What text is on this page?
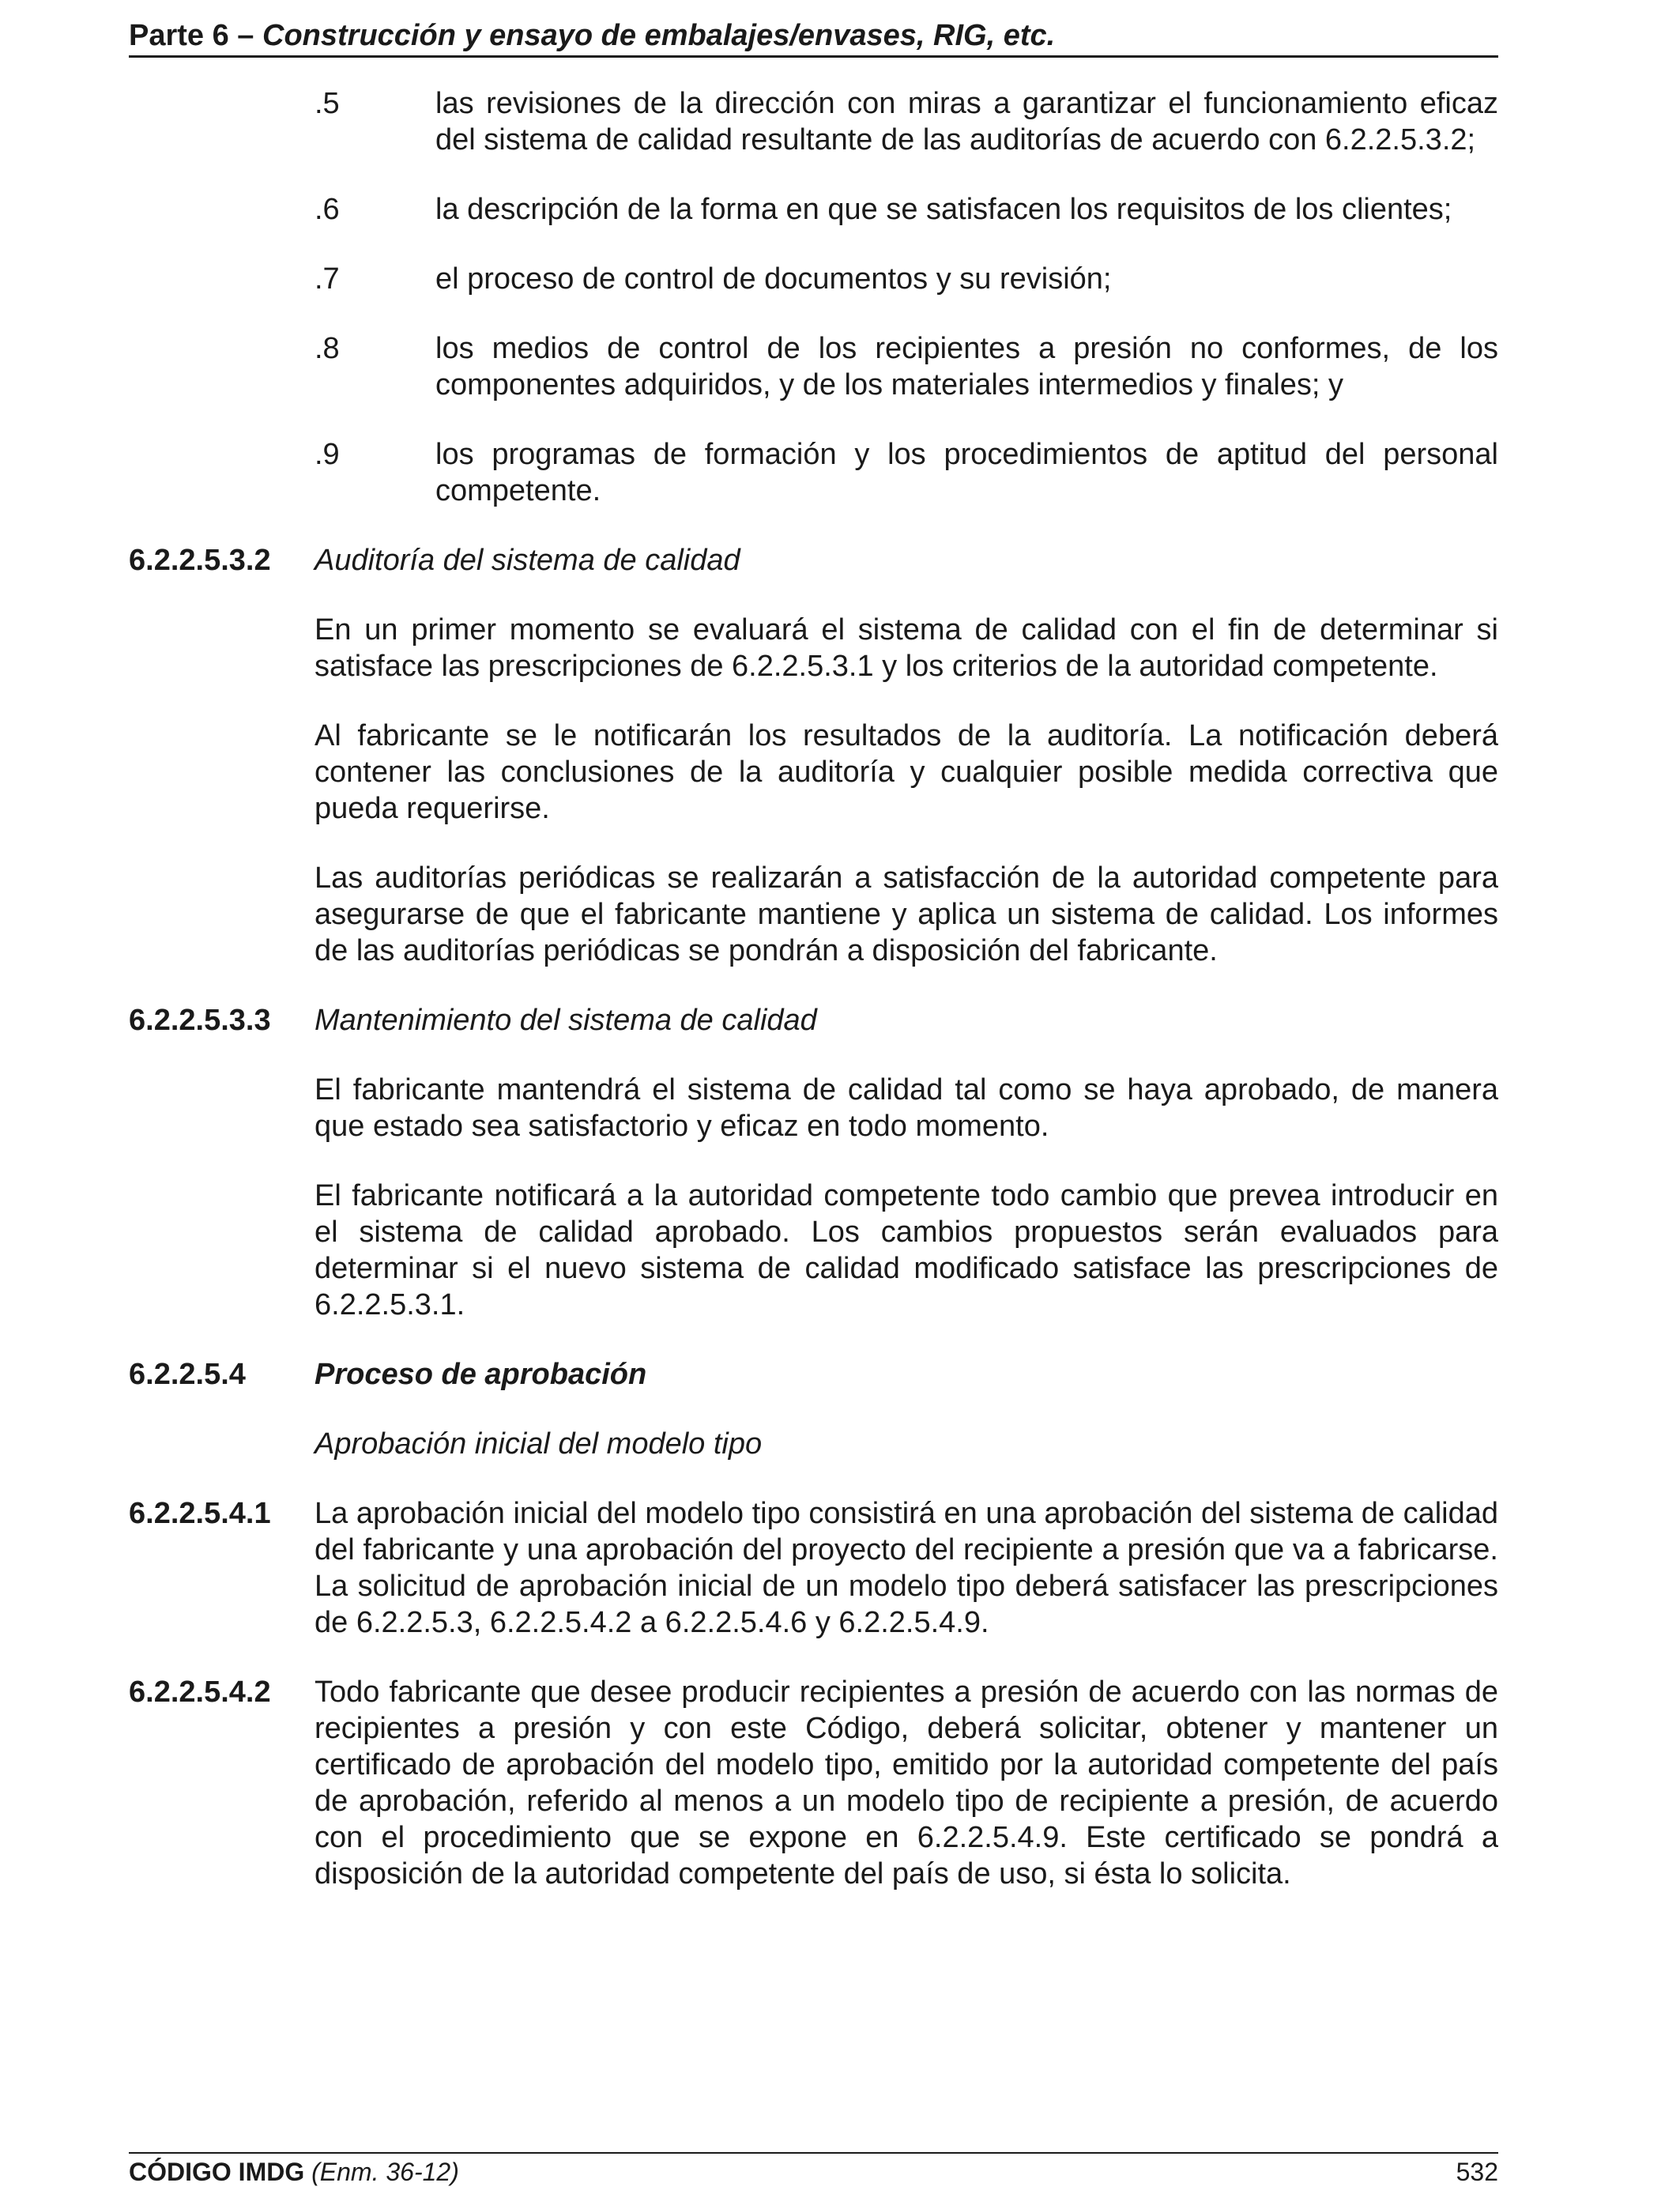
Parte 6 – Construcción y ensayo de embalajes/envases, RIG, etc.
.5	las revisiones de la dirección con miras a garantizar el funcionamiento eficaz del sistema de calidad resultante de las auditorías de acuerdo con 6.2.2.5.3.2;
.6	la descripción de la forma en que se satisfacen los requisitos de los clientes;
.7	el proceso de control de documentos y su revisión;
.8	los medios de control de los recipientes a presión no conformes, de los componentes adquiridos, y de los materiales intermedios y finales; y
.9	los programas de formación y los procedimientos de aptitud del personal competente.
6.2.2.5.3.2 Auditoría del sistema de calidad

En un primer momento se evaluará el sistema de calidad con el fin de determinar si satisface las prescripciones de 6.2.2.5.3.1 y los criterios de la autoridad competente.

Al fabricante se le notificarán los resultados de la auditoría. La notificación deberá contener las conclusiones de la auditoría y cualquier posible medida correctiva que pueda requerirse.

Las auditorías periódicas se realizarán a satisfacción de la autoridad competente para asegurarse de que el fabricante mantiene y aplica un sistema de calidad. Los informes de las auditorías periódicas se pondrán a disposición del fabricante.

6.2.2.5.3.3 Mantenimiento del sistema de calidad

El fabricante mantendrá el sistema de calidad tal como se haya aprobado, de manera que estado sea satisfactorio y eficaz en todo momento.

El fabricante notificará a la autoridad competente todo cambio que prevea introducir en el sistema de calidad aprobado. Los cambios propuestos serán evaluados para determinar si el nuevo sistema de calidad modificado satisface las prescripciones de 6.2.2.5.3.1.

6.2.2.5.4 Proceso de aprobación

Aprobación inicial del modelo tipo

6.2.2.5.4.1 La aprobación inicial del modelo tipo consistirá en una aprobación del sistema de calidad del fabricante y una aprobación del proyecto del recipiente a presión que va a fabricarse. La solicitud de aprobación inicial de un modelo tipo deberá satisfacer las prescripciones de 6.2.2.5.3, 6.2.2.5.4.2 a 6.2.2.5.4.6 y 6.2.2.5.4.9.

6.2.2.5.4.2 Todo fabricante que desee producir recipientes a presión de acuerdo con las normas de recipientes a presión y con este Código, deberá solicitar, obtener y mantener un certificado de aprobación del modelo tipo, emitido por la autoridad competente del país de aprobación, referido al menos a un modelo tipo de recipiente a presión, de acuerdo con el procedimiento que se expone en 6.2.2.5.4.9. Este certificado se pondrá a disposición de la autoridad competente del país de uso, si ésta lo solicita.

CÓDIGO IMDG (Enm. 36-12)	532
